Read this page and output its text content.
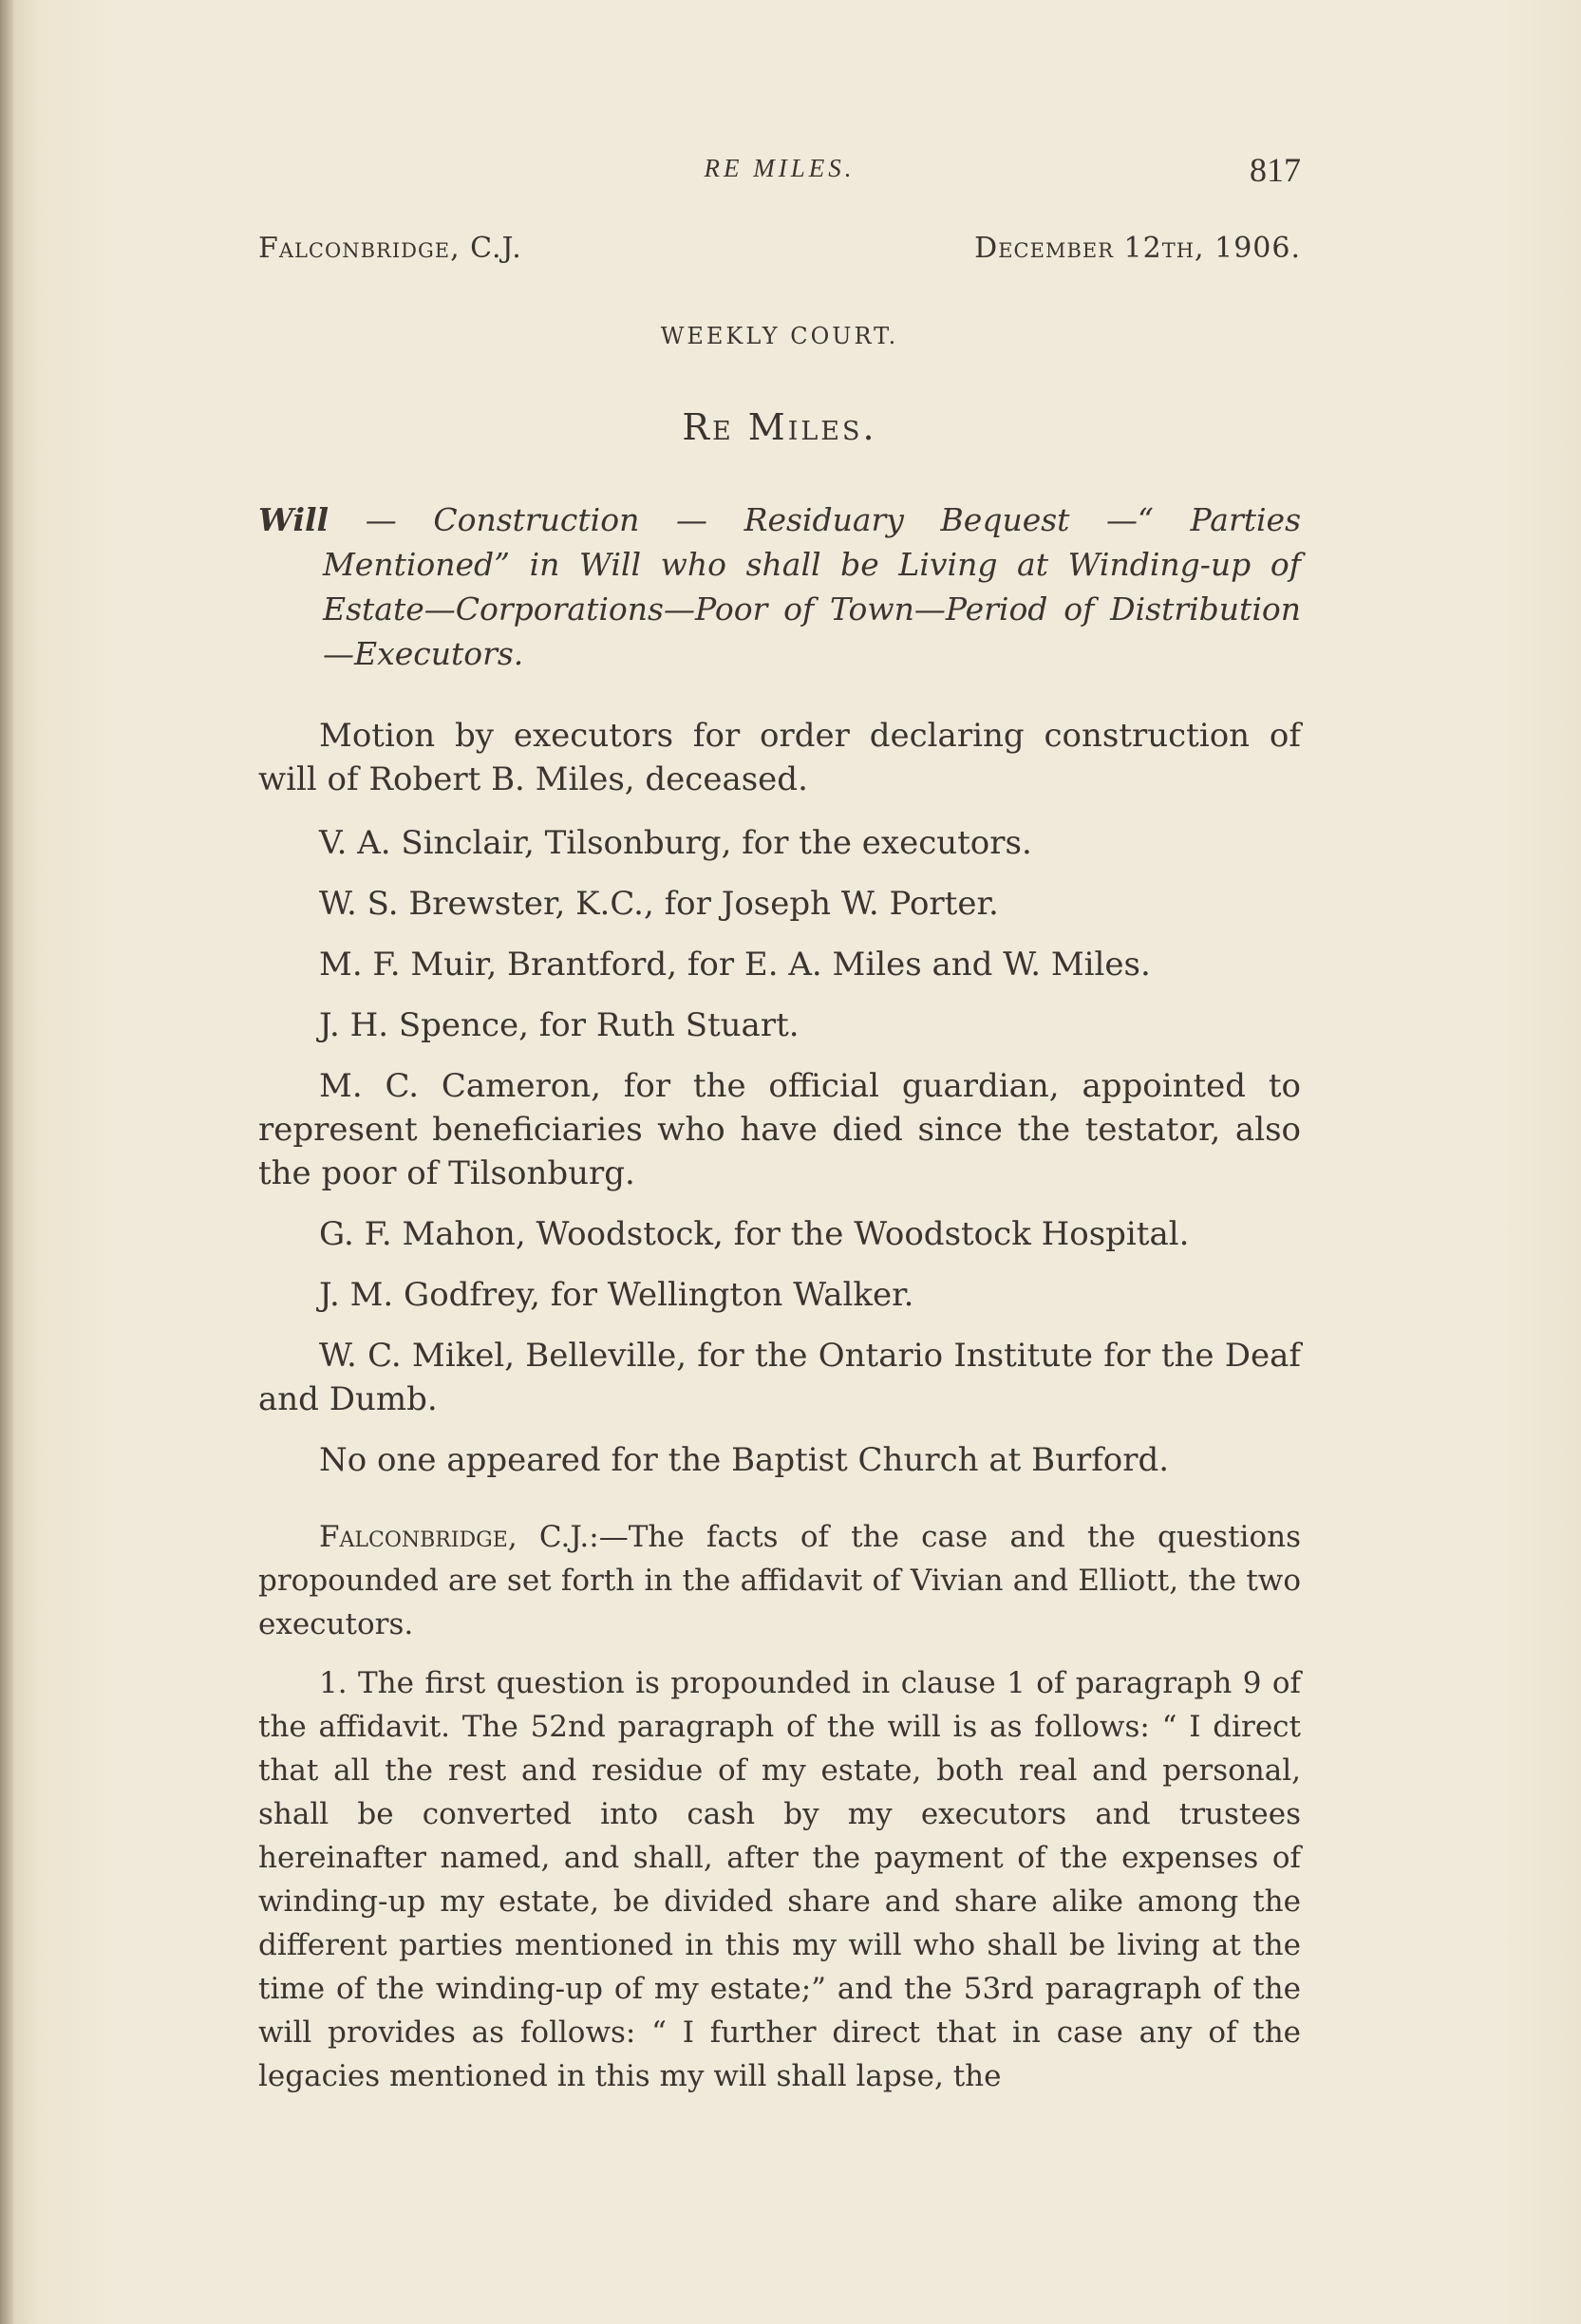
RE MILES.	817
Falconbridge, C.J.	December 12th, 1906.
WEEKLY COURT.
Re Miles.
Will — Construction — Residuary Bequest —“ Parties Mentioned” in Will who shall be Living at Winding-up of Estate—Corporations—Poor of Town—Period of Distribution—Executors.

Motion by executors for order declaring construction of will of Robert B. Miles, deceased.

V. A. Sinclair, Tilsonburg, for the executors.

W. S. Brewster, K.C., for Joseph W. Porter.

M. F. Muir, Brantford, for E. A. Miles and W. Miles.

J. H. Spence, for Ruth Stuart.

M. C. Cameron, for the official guardian, appointed to represent beneficiaries who have died since the testator, also the poor of Tilsonburg.

G. F. Mahon, Woodstock, for the Woodstock Hospital.

J. M. Godfrey, for Wellington Walker.

W. C. Mikel, Belleville, for the Ontario Institute for the Deaf and Dumb.

No one appeared for the Baptist Church at Burford.

Falconbridge, C.J.:—The facts of the case and the questions propounded are set forth in the affidavit of Vivian and Elliott, the two executors.

1. The first question is propounded in clause 1 of paragraph 9 of the affidavit. The 52nd paragraph of the will is as follows: “ I direct that all the rest and residue of my estate, both real and personal, shall be converted into cash by my executors and trustees hereinafter named, and shall, after the payment of the expenses of winding-up my estate, be divided share and share alike among the different parties mentioned in this my will who shall be living at the time of the winding-up of my estate;” and the 53rd paragraph of the will provides as follows: “ I further direct that in case any of the legacies mentioned in this my will shall lapse, the
